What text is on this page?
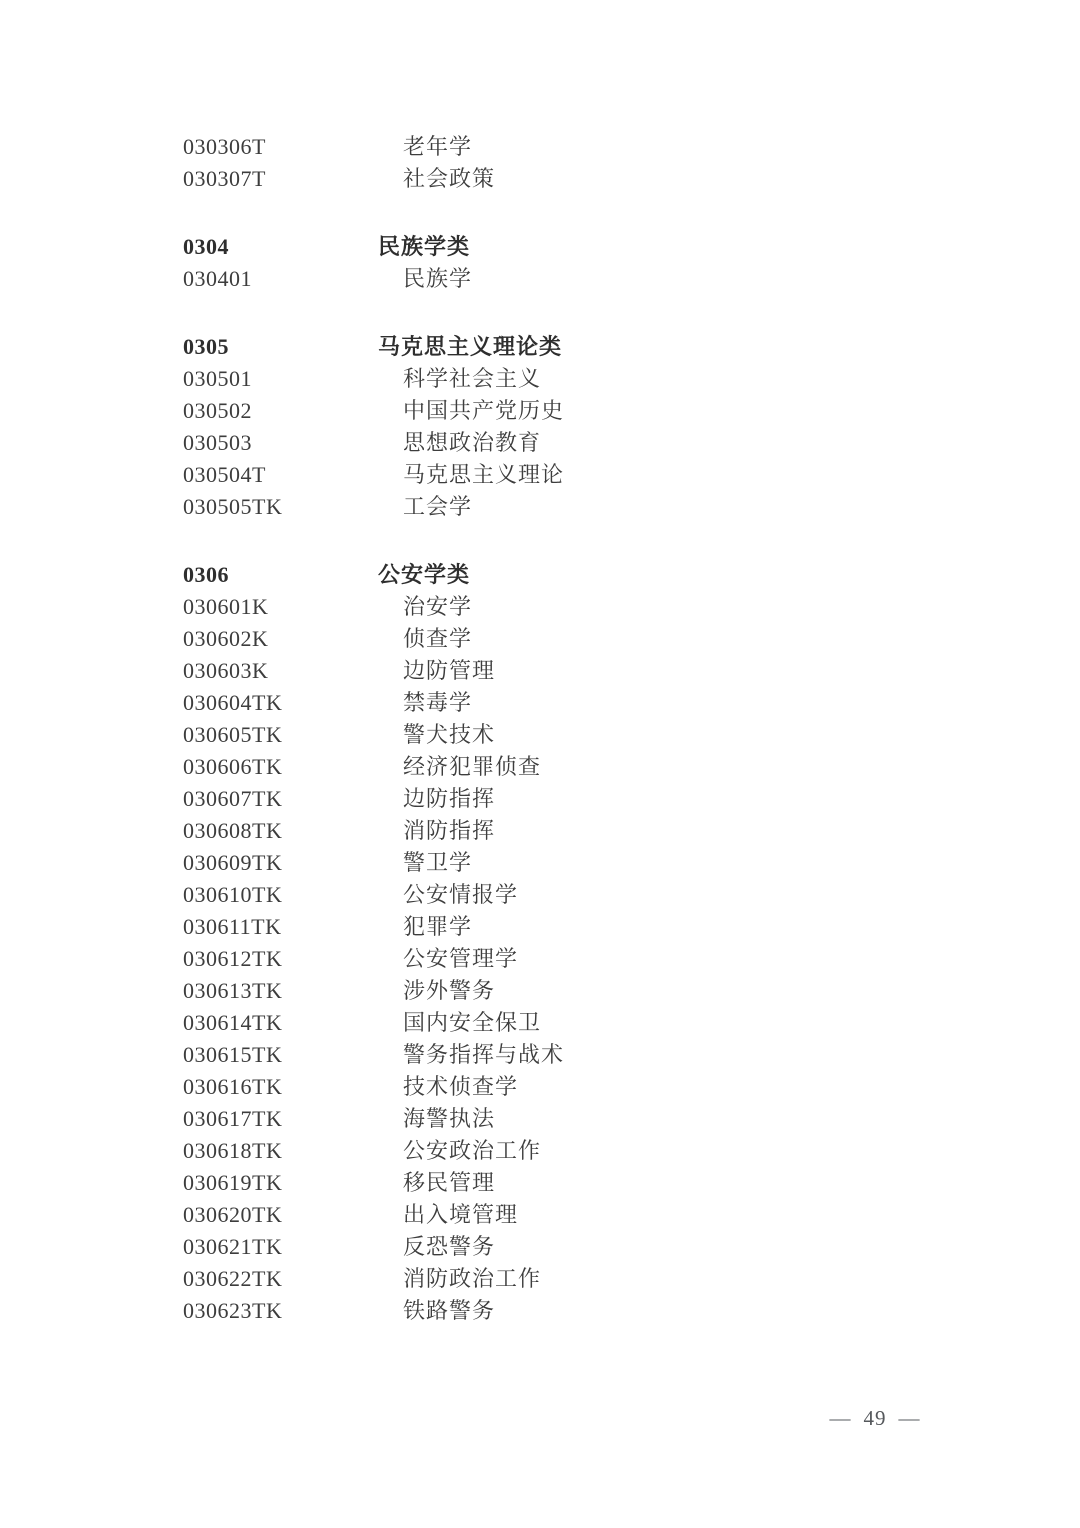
030306T	老年学
030307T	社会政策
0304	民族学类
030401	民族学
0305	马克思主义理论类
030501	科学社会主义
030502	中国共产党历史
030503	思想政治教育
030504T	马克思主义理论
030505TK	工会学
0306	公安学类
030601K	治安学
030602K	侦查学
030603K	边防管理
030604TK	禁毒学
030605TK	警犬技术
030606TK	经济犯罪侦查
030607TK	边防指挥
030608TK	消防指挥
030609TK	警卫学
030610TK	公安情报学
030611TK	犯罪学
030612TK	公安管理学
030613TK	涉外警务
030614TK	国内安全保卫
030615TK	警务指挥与战术
030616TK	技术侦查学
030617TK	海警执法
030618TK	公安政治工作
030619TK	移民管理
030620TK	出入境管理
030621TK	反恐警务
030622TK	消防政治工作
030623TK	铁路警务
— 49 —
